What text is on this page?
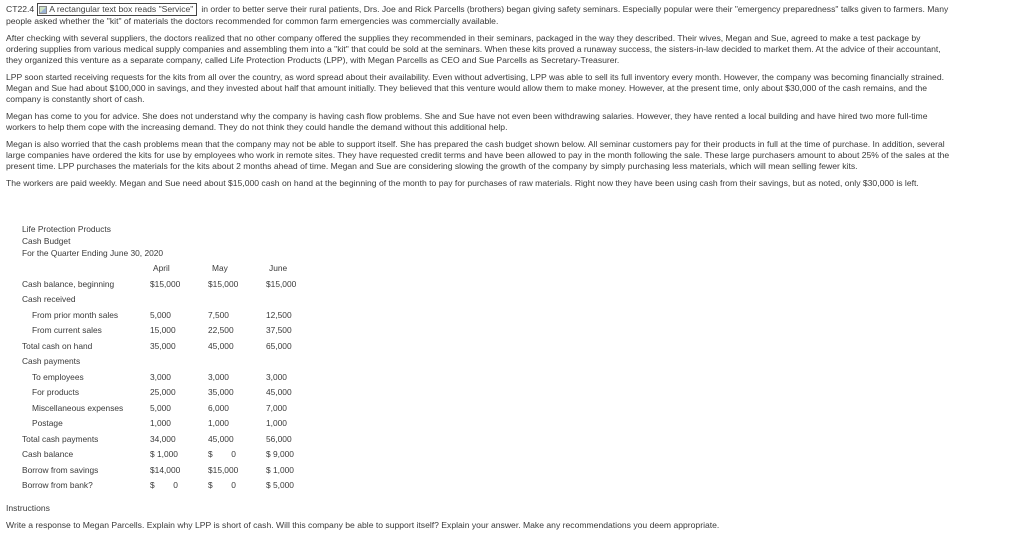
CT22.4 A rectangular text box reads "Service" in order to better serve their rural patients, Drs. Joe and Rick Parcells (brothers) began giving safety seminars. Especially popular were their "emergency preparedness" talks given to farmers. Many
people asked whether the "kit" of materials the doctors recommended for common farm emergencies was commercially available.
After checking with several suppliers, the doctors realized that no other company offered the supplies they recommended in their seminars, packaged in the way they described. Their wives, Megan and Sue, agreed to make a test package by
ordering supplies from various medical supply companies and assembling them into a "kit" that could be sold at the seminars. When these kits proved a runaway success, the sisters-in-law decided to market them. At the advice of their accountant,
they organized this venture as a separate company, called Life Protection Products (LPP), with Megan Parcells as CEO and Sue Parcells as Secretary-Treasurer.
LPP soon started receiving requests for the kits from all over the country, as word spread about their availability. Even without advertising, LPP was able to sell its full inventory every month. However, the company was becoming financially strained.
Megan and Sue had about $100,000 in savings, and they invested about half that amount initially. They believed that this venture would allow them to make money. However, at the present time, only about $30,000 of the cash remains, and the
company is constantly short of cash.
Megan has come to you for advice. She does not understand why the company is having cash flow problems. She and Sue have not even been withdrawing salaries. However, they have rented a local building and have hired two more full-time
workers to help them cope with the increasing demand. They do not think they could handle the demand without this additional help.
Megan is also worried that the cash problems mean that the company may not be able to support itself. She has prepared the cash budget shown below. All seminar customers pay for their products in full at the time of purchase. In addition, several
large companies have ordered the kits for use by employees who work in remote sites. They have requested credit terms and have been allowed to pay in the month following the sale. These large purchasers amount to about 25% of the sales at the
present time. LPP purchases the materials for the kits about 2 months ahead of time. Megan and Sue are considering slowing the growth of the company by simply purchasing less materials, which will mean selling fewer kits.
The workers are paid weekly. Megan and Sue need about $15,000 cash on hand at the beginning of the month to pay for purchases of raw materials. Right now they have been using cash from their savings, but as noted, only $30,000 is left.
Life Protection Products
Cash Budget
For the Quarter Ending June 30, 2020
April	May	June
Cash balance, beginning	$15,000	$15,000	$15,000
Cash received
From prior month sales	5,000	7,500	12,500
From current sales	15,000	22,500	37,500
Total cash on hand	35,000	45,000	65,000
Cash payments
To employees	3,000	3,000	3,000
For products	25,000	35,000	45,000
Miscellaneous expenses	5,000	6,000	7,000
Postage	1,000	1,000	1,000
Total cash payments	34,000	45,000	56,000
Cash balance	$ 1,000	$        0	$ 9,000
Borrow from savings	$14,000	$15,000	$ 1,000
Borrow from bank?	$        0	$        0	$ 5,000
Instructions
Write a response to Megan Parcells. Explain why LPP is short of cash. Will this company be able to support itself? Explain your answer. Make any recommendations you deem appropriate.
